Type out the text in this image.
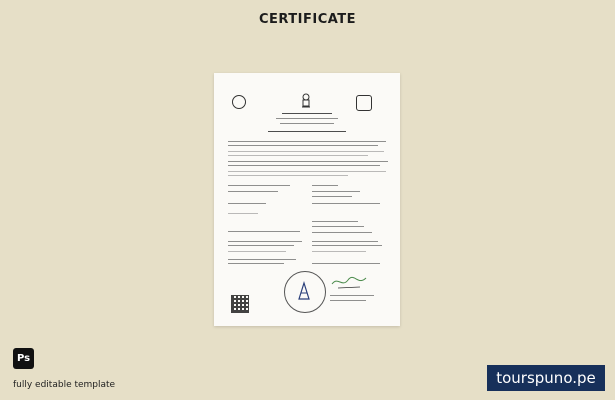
CERTIFICATE
Ps
fully editable template	tourspuno.pe
